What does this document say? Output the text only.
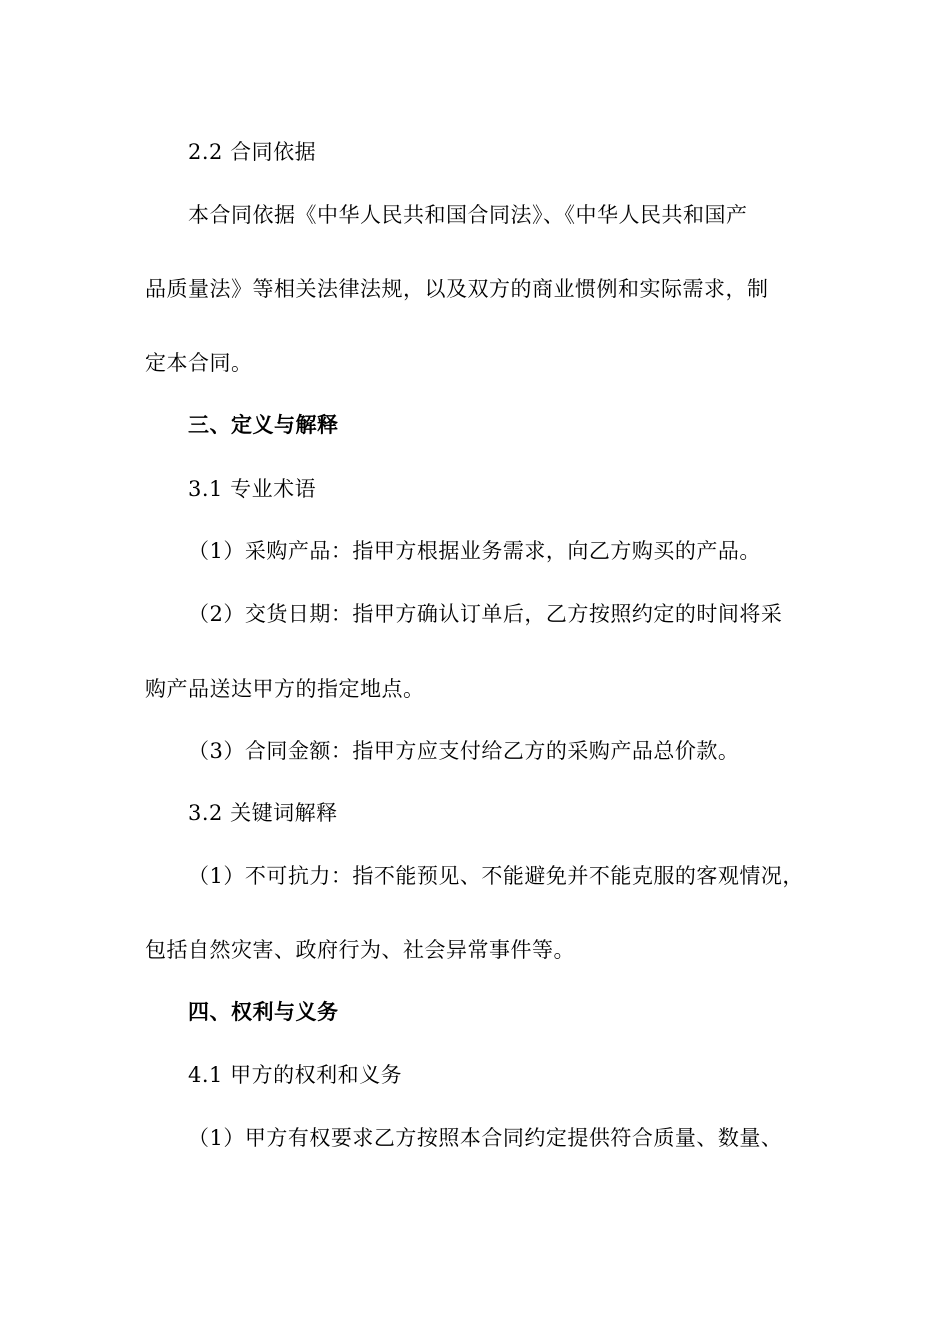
2.2 合同依据
本合同依据《中华人民共和国合同法》、《中华人民共和国产
品质量法》等相关法律法规，以及双方的商业惯例和实际需求，制
定本合同。
三、定义与解释
3.1 专业术语
（1）采购产品：指甲方根据业务需求，向乙方购买的产品。
（2）交货日期：指甲方确认订单后，乙方按照约定的时间将采
购产品送达甲方的指定地点。
（3）合同金额：指甲方应支付给乙方的采购产品总价款。
3.2 关键词解释
（1）不可抗力：指不能预见、不能避免并不能克服的客观情况，
包括自然灾害、政府行为、社会异常事件等。
四、权利与义务
4.1 甲方的权利和义务
（1）甲方有权要求乙方按照本合同约定提供符合质量、数量、
